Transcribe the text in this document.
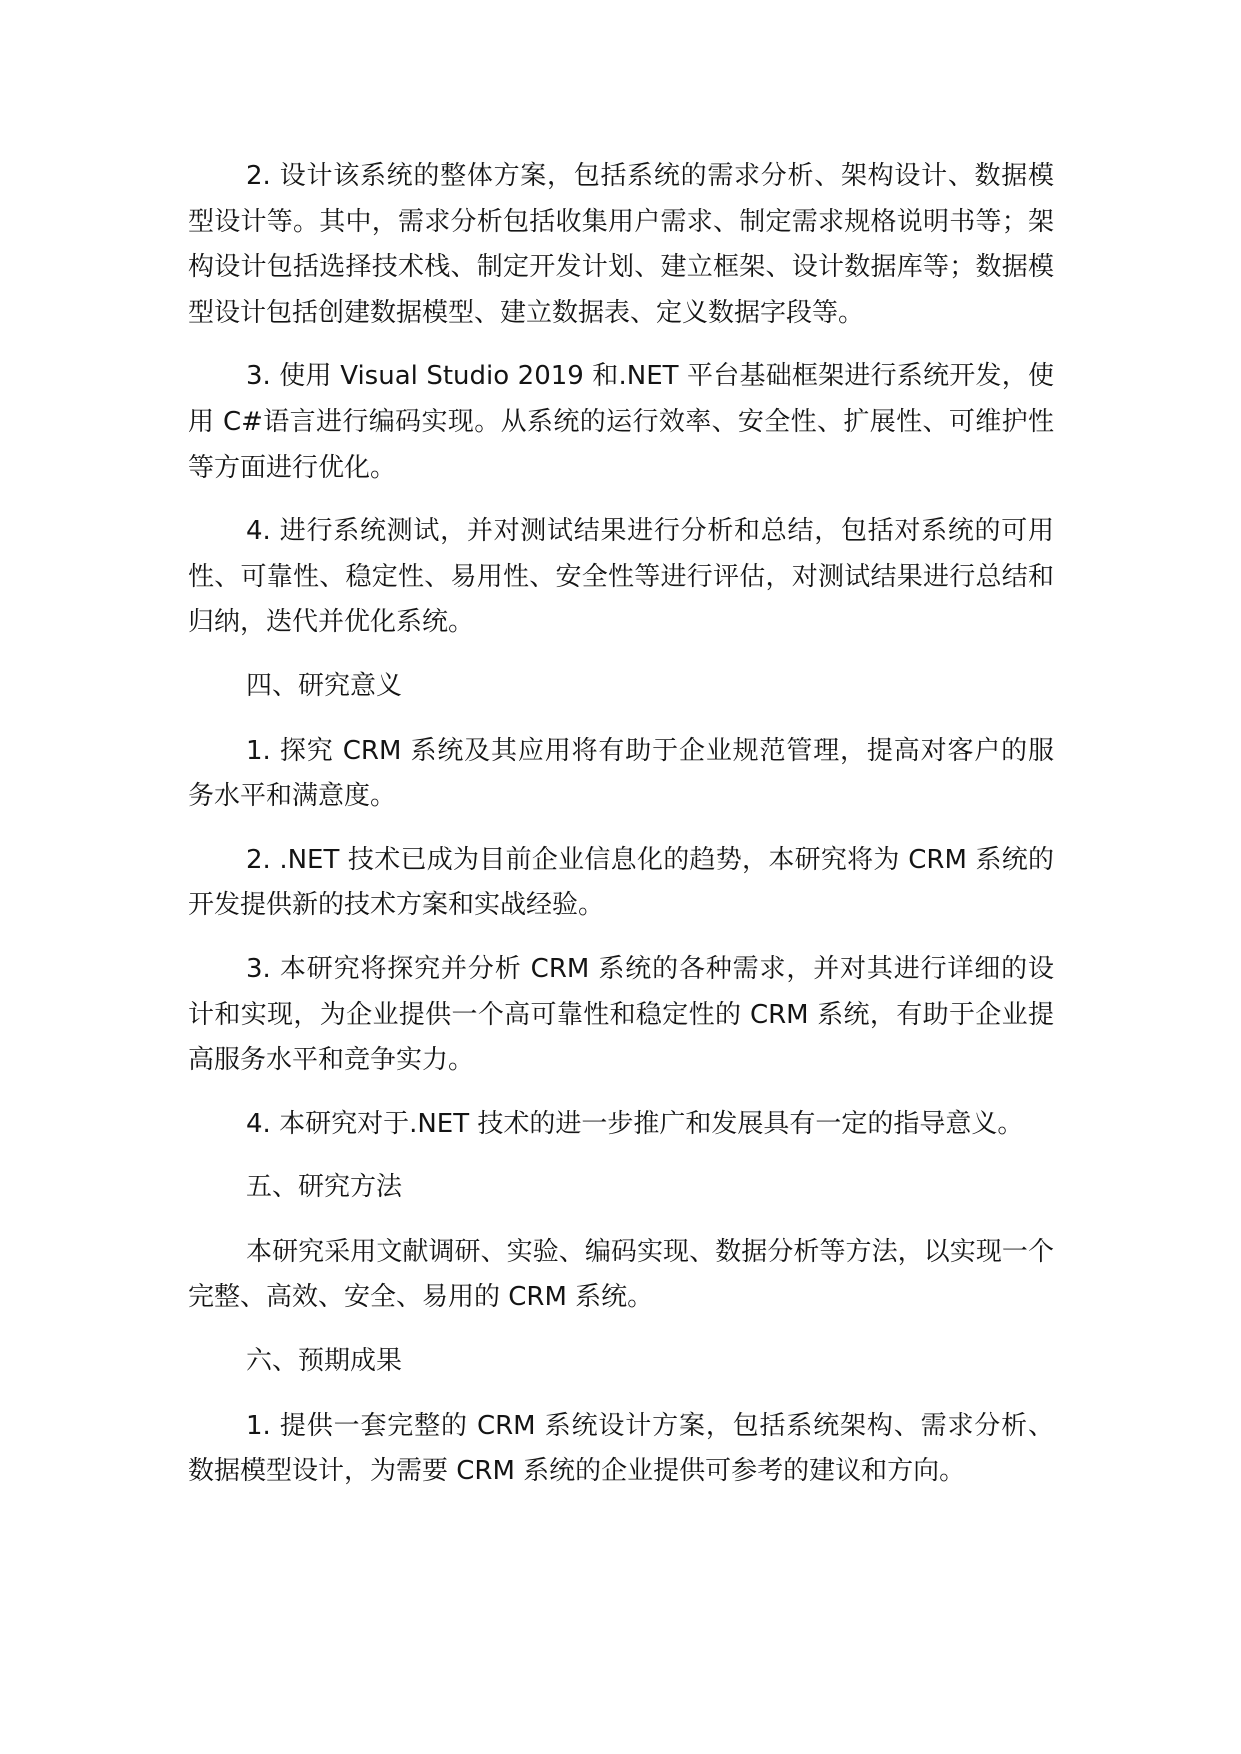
2. 设计该系统的整体方案，包括系统的需求分析、架构设计、数据模型设计等。其中，需求分析包括收集用户需求、制定需求规格说明书等；架构设计包括选择技术栈、制定开发计划、建立框架、设计数据库等；数据模型设计包括创建数据模型、建立数据表、定义数据字段等。

3. 使用 Visual Studio 2019 和.NET 平台基础框架进行系统开发，使用 C#语言进行编码实现。从系统的运行效率、安全性、扩展性、可维护性等方面进行优化。

4. 进行系统测试，并对测试结果进行分析和总结，包括对系统的可用性、可靠性、稳定性、易用性、安全性等进行评估，对测试结果进行总结和归纳，迭代并优化系统。

四、研究意义

1. 探究 CRM 系统及其应用将有助于企业规范管理，提高对客户的服务水平和满意度。

2. .NET 技术已成为目前企业信息化的趋势，本研究将为 CRM 系统的开发提供新的技术方案和实战经验。

3. 本研究将探究并分析 CRM 系统的各种需求，并对其进行详细的设计和实现，为企业提供一个高可靠性和稳定性的 CRM 系统，有助于企业提高服务水平和竞争实力。

4. 本研究对于.NET 技术的进一步推广和发展具有一定的指导意义。

五、研究方法

本研究采用文献调研、实验、编码实现、数据分析等方法，以实现一个完整、高效、安全、易用的 CRM 系统。

六、预期成果

1. 提供一套完整的 CRM 系统设计方案，包括系统架构、需求分析、数据模型设计，为需要 CRM 系统的企业提供可参考的建议和方向。
